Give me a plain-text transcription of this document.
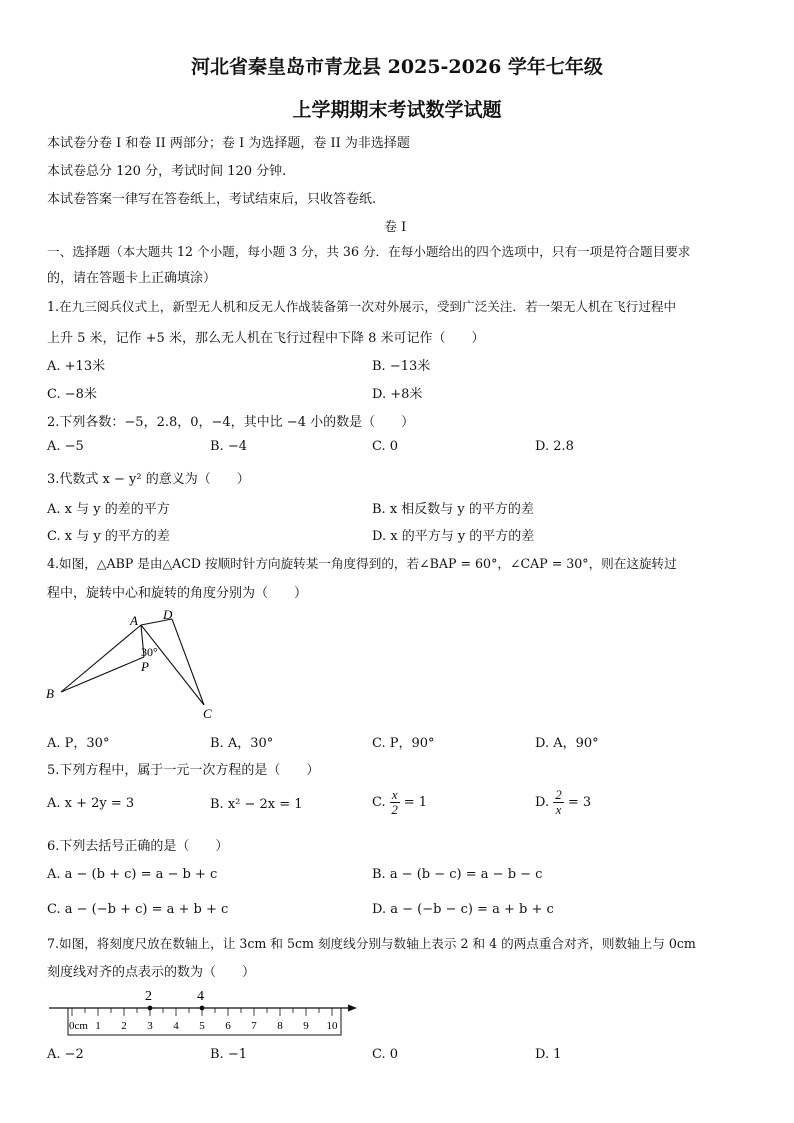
河北省秦皇岛市青龙县 2025-2026 学年七年级
上学期期末考试数学试题
本试卷分卷 I 和卷 II 两部分；卷 I 为选择题，卷 II 为非选择题
本试卷总分 120 分，考试时间 120 分钟.
本试卷答案一律写在答卷纸上，考试结束后，只收答卷纸.
卷 I
一、选择题（本大题共 12 个小题，每小题 3 分，共 36 分．在每小题给出的四个选项中，只有一项是符合题目要求
的，请在答题卡上正确填涂）
1.在九三阅兵仪式上，新型无人机和反无人作战装备第一次对外展示，受到广泛关注．若一架无人机在飞行过程中
上升 5 米，记作 +5 米，那么无人机在飞行过程中下降 8 米可记作（　　）
A. +13米	B. −13米
C. −8米	D. +8米
2.下列各数：−5，2.8，0，−4，其中比 −4 小的数是（　　）
A. −5	B. −4	C. 0	D. 2.8
3.代数式 x − y² 的意义为（　　）
A. x 与 y 的差的平方	B. x 相反数与 y 的平方的差
C. x 与 y 的平方的差	D. x 的平方与 y 的平方的差
4.如图，△ABP 是由△ACD 按顺时针方向旋转某一角度得到的，若∠BAP = 60°，∠CAP = 30°，则在这旋转过
程中，旋转中心和旋转的角度分别为（　　）
A
B
C
D
P
30°
A. P，30°	B. A，30°	C. P，90°	D. A，90°
5.下列方程中，属于一元一次方程的是（　　）
A. x + 2y = 3	B. x² − 2x = 1	C. $\frac{x}{2} = 1$	D. $\frac{2}{x} = 3$
6.下列去括号正确的是（　　）
A. a − (b + c) = a − b + c	B. a − (b − c) = a − b − c
C. a − (−b + c) = a + b + c	D. a − (−b − c) = a + b + c
7.如图，将刻度尺放在数轴上，让 3cm 和 5cm 刻度线分别与数轴上表示 2 和 4 的两点重合对齐，则数轴上与 0cm
刻度线对齐的点表示的数为（　　）
2	4
1 2 3 4 5 6 7 8 9 10
0cm
A. −2	B. −1	C. 0	D. 1
